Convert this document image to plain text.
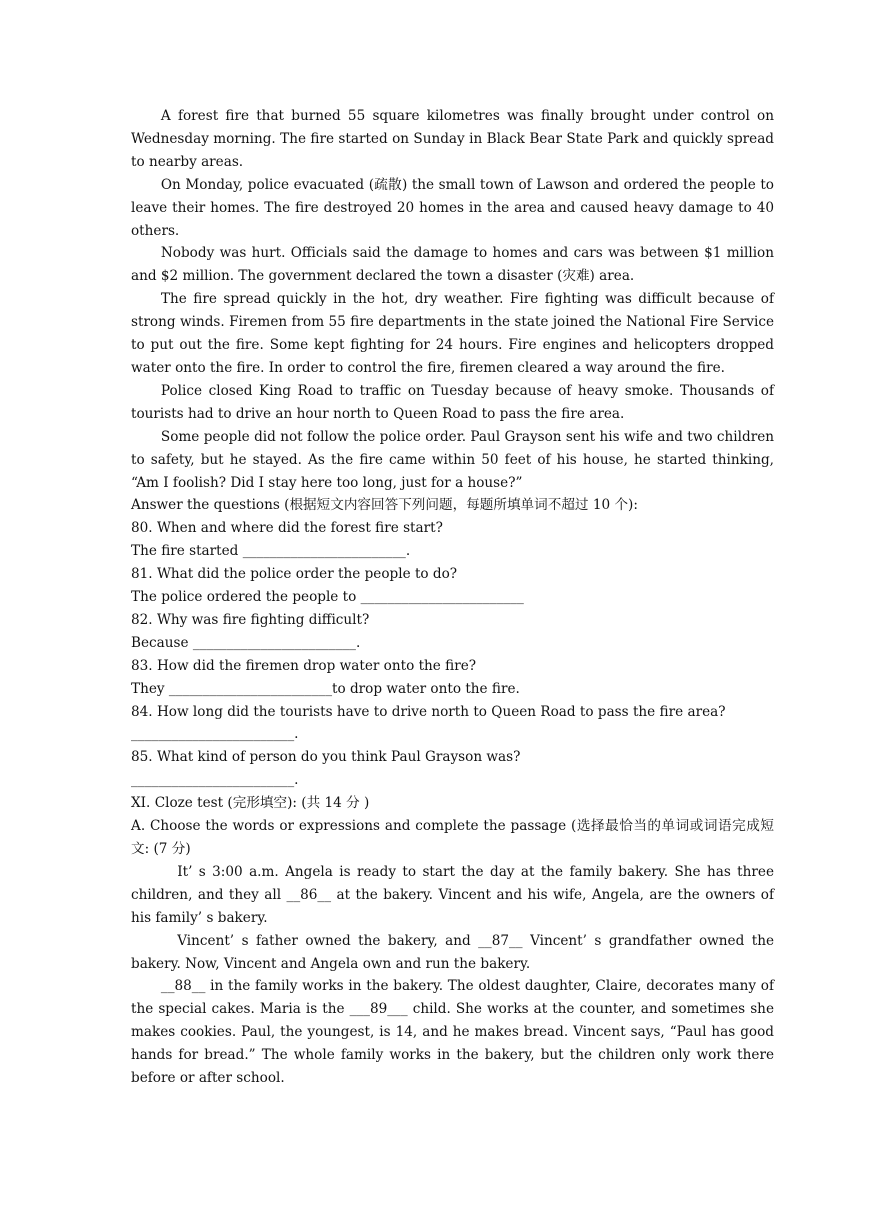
A forest fire that burned 55 square kilometres was finally brought under control on Wednesday morning. The fire started on Sunday in Black Bear State Park and quickly spread to nearby areas.

On Monday, police evacuated (疏散) the small town of Lawson and ordered the people to leave their homes. The fire destroyed 20 homes in the area and caused heavy damage to 40 others.

Nobody was hurt. Officials said the damage to homes and cars was between $1 million and $2 million. The government declared the town a disaster (灾难) area.

The fire spread quickly in the hot, dry weather. Fire fighting was difficult because of strong winds. Firemen from 55 fire departments in the state joined the National Fire Service to put out the fire. Some kept fighting for 24 hours. Fire engines and helicopters dropped water onto the fire. In order to control the fire, firemen cleared a way around the fire.

Police closed King Road to traffic on Tuesday because of heavy smoke. Thousands of tourists had to drive an hour north to Queen Road to pass the fire area.

Some people did not follow the police order. Paul Grayson sent his wife and two children to safety, but he stayed. As the fire came within 50 feet of his house, he started thinking, “Am I foolish? Did I stay here too long, just for a house?”

Answer the questions (根据短文内容回答下列问题，每题所填单词不超过 10 个):

80. When and where did the forest fire start?

The fire started ________________________.

81. What did the police order the people to do?

The police ordered the people to ________________________

82. Why was fire fighting difficult?

Because ________________________.

83. How did the firemen drop water onto the fire?

They ________________________to drop water onto the fire.

84. How long did the tourists have to drive north to Queen Road to pass the fire area?

________________________.

85. What kind of person do you think Paul Grayson was?

________________________.

XI. Cloze test (完形填空): (共 14 分 )

A. Choose the words or expressions and complete the passage (选择最恰当的单词或词语完成短文: (7 分)

It’ s 3:00 a.m. Angela is ready to start the day at the family bakery. She has three children, and they all __86__ at the bakery. Vincent and his wife, Angela, are the owners of his family’ s bakery.

Vincent’ s father owned the bakery, and __87__ Vincent’ s grandfather owned the bakery. Now, Vincent and Angela own and run the bakery.

__88__ in the family works in the bakery. The oldest daughter, Claire, decorates many of the special cakes. Maria is the ___89___ child. She works at the counter, and sometimes she makes cookies. Paul, the youngest, is 14, and he makes bread. Vincent says, “Paul has good hands for bread.” The whole family works in the bakery, but the children only work there before or after school.
